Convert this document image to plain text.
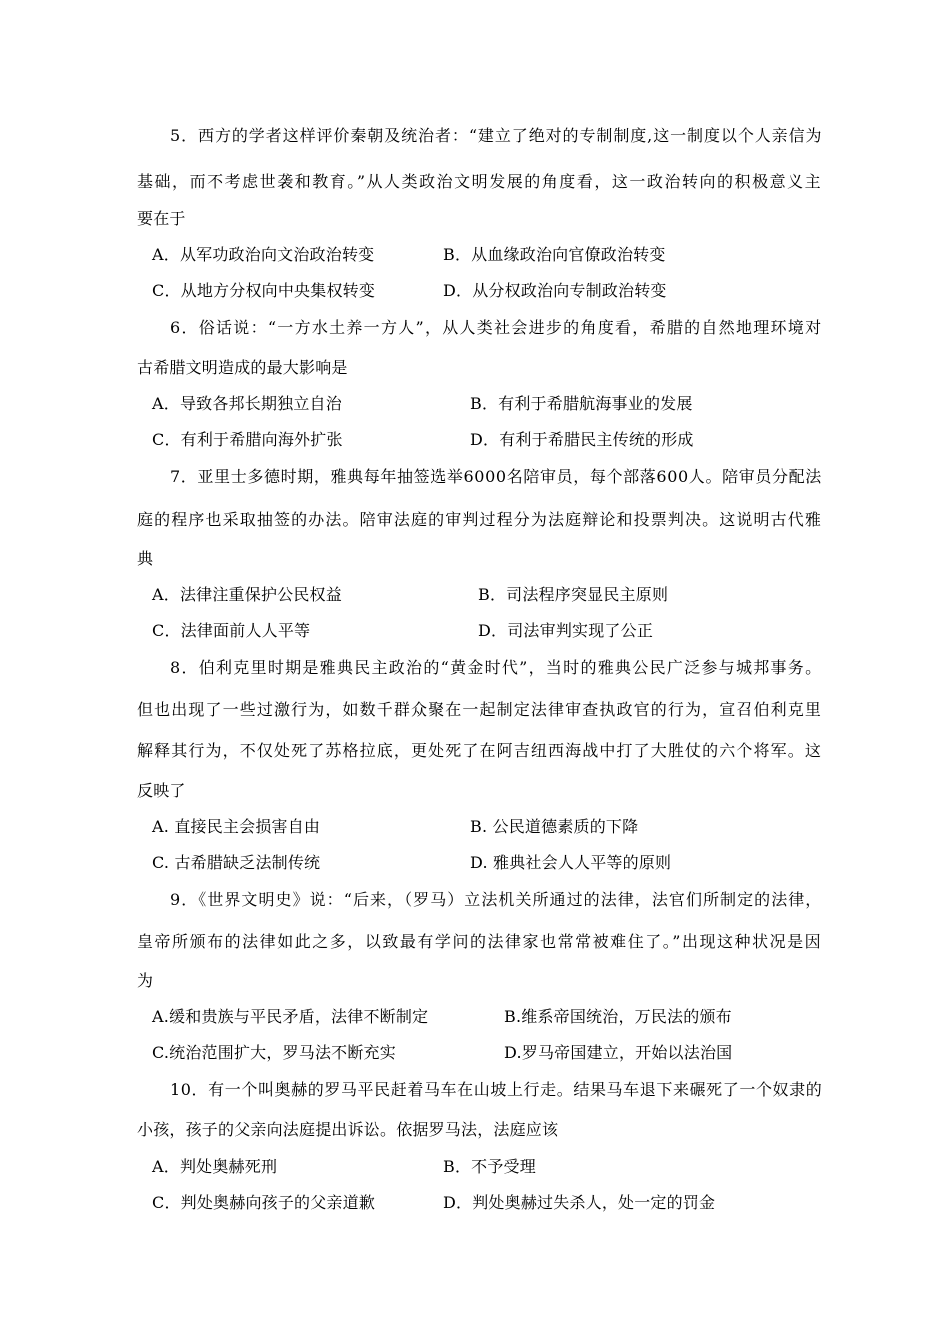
5．西方的学者这样评价秦朝及统治者：“建立了绝对的专制制度,这一制度以个人亲信为
基础，而不考虑世袭和教育。”从人类政治文明发展的角度看，这一政治转向的积极意义主
要在于
A．从军功政治向文治政治转变	B．从血缘政治向官僚政治转变
C．从地方分权向中央集权转变	D．从分权政治向专制政治转变
6．俗话说：“一方水土养一方人”，从人类社会进步的角度看，希腊的自然地理环境对
古希腊文明造成的最大影响是
A．导致各邦长期独立自治	B．有利于希腊航海事业的发展
C．有利于希腊向海外扩张	D．有利于希腊民主传统的形成
7．亚里士多德时期，雅典每年抽签选举6000名陪审员，每个部落600人。陪审员分配法
庭的程序也采取抽签的办法。陪审法庭的审判过程分为法庭辩论和投票判决。这说明古代雅
典
A．法律注重保护公民权益	B．司法程序突显民主原则
C．法律面前人人平等	D．司法审判实现了公正
8．伯利克里时期是雅典民主政治的“黄金时代”，当时的雅典公民广泛参与城邦事务。
但也出现了一些过激行为，如数千群众聚在一起制定法律审查执政官的行为，宣召伯利克里
解释其行为，不仅处死了苏格拉底，更处死了在阿吉纽西海战中打了大胜仗的六个将军。这
反映了
A. 直接民主会损害自由	B. 公民道德素质的下降
C. 古希腊缺乏法制传统	D. 雅典社会人人平等的原则
9．《世界文明史》说：“后来，（罗马）立法机关所通过的法律，法官们所制定的法律，
皇帝所颁布的法律如此之多，以致最有学问的法律家也常常被难住了。”出现这种状况是因
为
A.缓和贵族与平民矛盾，法律不断制定	B.维系帝国统治，万民法的颁布
C.统治范围扩大，罗马法不断充实	D.罗马帝国建立，开始以法治国
10．有一个叫奥赫的罗马平民赶着马车在山坡上行走。结果马车退下来碾死了一个奴隶的
小孩，孩子的父亲向法庭提出诉讼。依据罗马法，法庭应该
A．判处奥赫死刑	B．不予受理
C．判处奥赫向孩子的父亲道歉	D．判处奥赫过失杀人，处一定的罚金
